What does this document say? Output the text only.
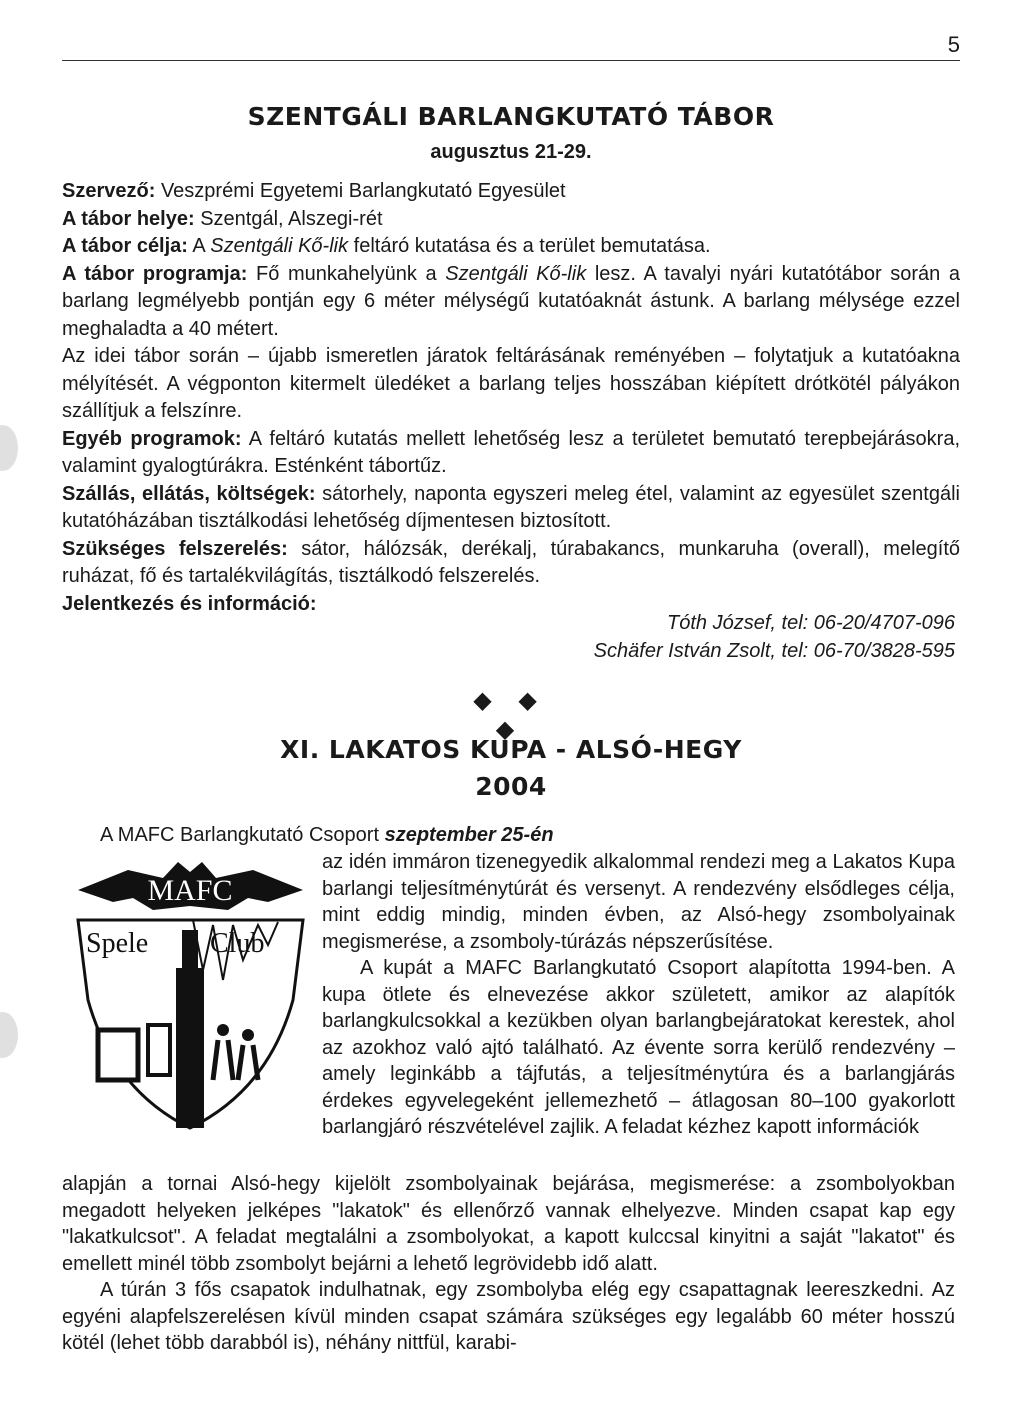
5
SZENTGÁLI BARLANGKUTATÓ TÁBOR
augusztus 21-29.

Szervező: Veszprémi Egyetemi Barlangkutató Egyesület

A tábor helye: Szentgál, Alszegi-rét

A tábor célja: A Szentgáli Kő-lik feltáró kutatása és a terület bemutatása.

A tábor programja: Fő munkahelyünk a Szentgáli Kő-lik lesz. A tavalyi nyári kutatótábor során a barlang legmélyebb pontján egy 6 méter mélységű kutatóaknát ástunk. A barlang mélysége ezzel meghaladta a 40 métert.

Az idei tábor során – újabb ismeretlen járatok feltárásának reményében – folytatjuk a kutatóakna mélyítését. A végponton kitermelt üledéket a barlang teljes hosszában kiépített drótkötél pályákon szállítjuk a felszínre.

Egyéb programok: A feltáró kutatás mellett lehetőség lesz a területet bemutató terepbejárásokra, valamint gyalogtúrákra. Esténként tábortűz.

Szállás, ellátás, költségek: sátorhely, naponta egyszeri meleg étel, valamint az egyesület szentgáli kutatóházában tisztálkodási lehetőség díjmentesen biztosított.

Szükséges felszerelés: sátor, hálózsák, derékalj, túrabakancs, munkaruha (overall), melegítő ruházat, fő és tartalékvilágítás, tisztálkodó felszerelés.

Jelentkezés és információ:

Tóth József, tel: 06-20/4707-096
Schäfer István Zsolt, tel: 06-70/3828-595
◆ ◆ ◆
XI. LAKATOS KUPA - ALSÓ-HEGY
2004

A MAFC Barlangkutató Csoport szeptember 25-én

MAFC
Spele Club

az idén immáron tizenegyedik alkalommal rendezi meg a Lakatos Kupa barlangi teljesítménytúrát és versenyt. A rendezvény elsődleges célja, mint eddig mindig, minden évben, az Alsó-hegy zsombolyainak megismerése, a zsomboly-túrázás népszerűsítése.

A kupát a MAFC Barlangkutató Csoport alapította 1994-ben. A kupa ötlete és elnevezése akkor született, amikor az alapítók barlangkulcsokkal a kezükben olyan barlangbejáratokat kerestek, ahol az azokhoz való ajtó található. Az évente sorra kerülő rendezvény – amely leginkább a tájfutás, a teljesítménytúra és a barlangjárás érdekes egyvelegeként jellemezhető – átlagosan 80–100 gyakorlott barlangjáró részvételével zajlik. A feladat kézhez kapott információk

alapján a tornai Alsó-hegy kijelölt zsombolyainak bejárása, megismerése: a zsombolyokban megadott helyeken jelképes "lakatok" és ellenőrző vannak elhelyezve. Minden csapat kap egy "lakatkulcsot". A feladat megtalálni a zsombolyokat, a kapott kulccsal kinyitni a saját "lakatot" és emellett minél több zsombolyt bejárni a lehető legrövidebb idő alatt.

A túrán 3 fős csapatok indulhatnak, egy zsombolyba elég egy csapattagnak leereszkedni. Az egyéni alapfelszerelésen kívül minden csapat számára szükséges egy legalább 60 méter hosszú kötél (lehet több darabból is), néhány nittfül, karabi-
